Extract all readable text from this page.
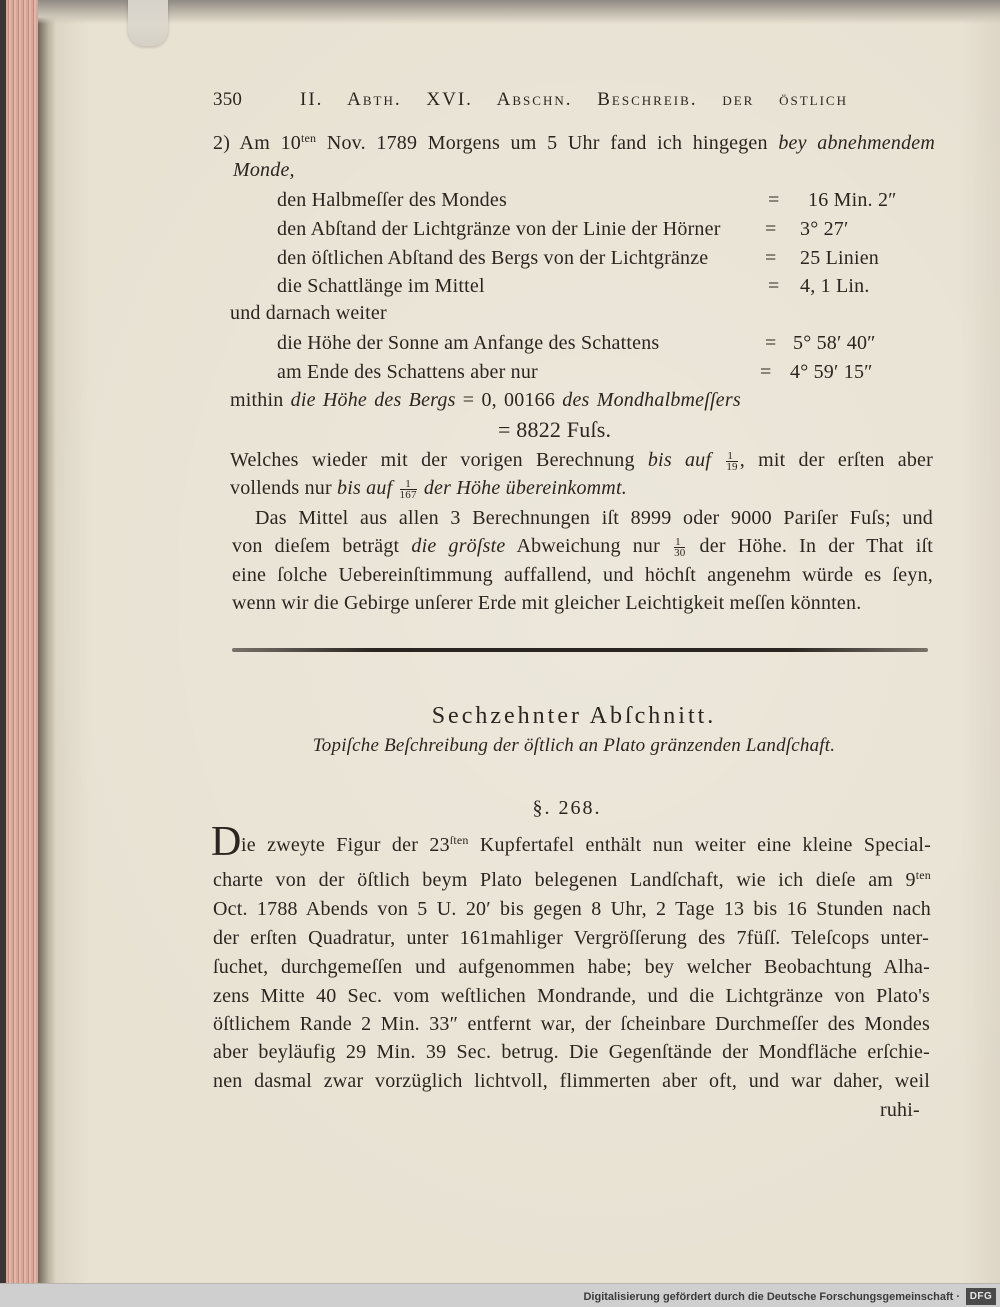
350	II. Abth. XVI. Abschn. Beschreib. der östlich
2) Am $10^{ten}$ Nov. 1789 Morgens um 5 Uhr fand ich hingegen bey abnehmendem
Monde,
den Halbmeſſer des Mondes	= 16 Min. 2″
den Abſtand der Lichtgränze von der Linie der Hörner = 3° 27′
den öſtlichen Abſtand des Bergs von der Lichtgränze	= 25 Linien
die Schattlänge im Mittel	= 4, 1 Lin.
und darnach weiter
die Höhe der Sonne am Anfange des Schattens	= 5° 58′ 40″
am Ende des Schattens aber nur	= 4° 59′ 15″
mithin die Höhe des Bergs = 0, 00166 des Mondhalbmeſſers
= 8822 Fuſs.
Welches wieder mit der vorigen Berechnung bis auf $\frac{1}{19}$ , mit der erſten aber
vollends nur bis auf $\frac{1}{167}$ der Höhe übereinkommt.
Das Mittel aus allen 3 Berechnungen iſt 8999 oder 9000 Pariſer Fuſs; und
von dieſem beträgt die gröſste Abweichung nur $\frac{1}{30}$ der Höhe. In der That iſt
eine ſolche Uebereinſtimmung auffallend, und höchſt angenehm würde es ſeyn,
wenn wir die Gebirge unſerer Erde mit gleicher Leichtigkeit meſſen könnten.
Sechzehnter Abſchnitt.
Topiſche Beſchreibung der öſtlich an Plato gränzenden Landſchaft.
§. 268.
D ie zweyte Figur der $23^{ſten}$ Kupfertafel enthält nun weiter eine kleine Special-
charte von der öſtlich beym Plato belegenen Landſchaft, wie ich dieſe am $9^{ten}$
Oct. 1788 Abends von 5 U. 20′ bis gegen 8 Uhr, 2 Tage 13 bis 16 Stunden nach
der erſten Quadratur, unter 161mahliger Vergröſſerung des 7füſſ. Teleſcops unter-
ſuchet, durchgemeſſen und aufgenommen habe; bey welcher Beobachtung Alha-
zens Mitte 40 Sec. vom weſtlichen Mondrande, und die Lichtgränze von Plato's
öſtlichem Rande 2 Min. 33″ entfernt war, der ſcheinbare Durchmeſſer des Mondes
aber beyläufig 29 Min. 39 Sec. betrug. Die Gegenſtände der Mondfläche erſchie-
nen dasmal zwar vorzüglich lichtvoll, flimmerten aber oft, und war daher, weil
ruhi-
Digitalisierung gefördert durch die Deutsche Forschungsgemeinschaft · DFG
